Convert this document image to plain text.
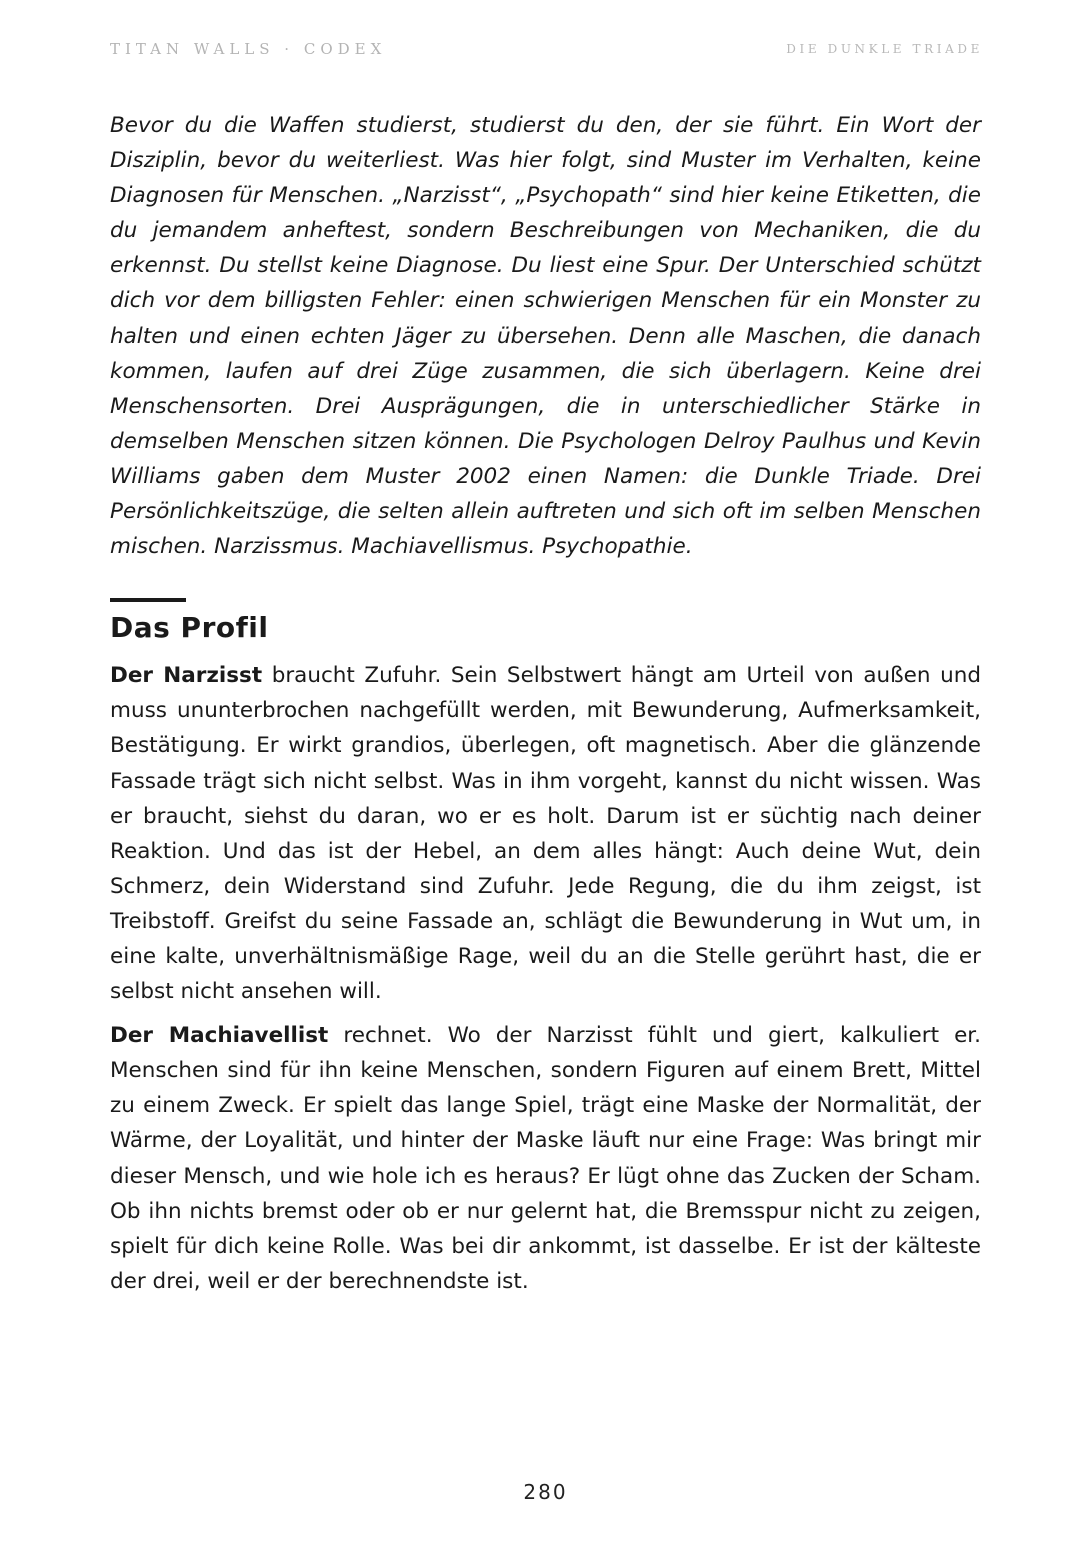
TITAN WALLS · CODEX	DIE DUNKLE TRIADE

Bevor du die Waffen studierst, studierst du den, der sie führt. Ein Wort der Disziplin, bevor du weiterliest. Was hier folgt, sind Muster im Verhalten, keine Diagnosen für Menschen. „Narzisst“, „Psychopath“ sind hier keine Etiketten, die du jemandem anheftest, sondern Beschreibungen von Mechaniken, die du erkennst. Du stellst keine Diagnose. Du liest eine Spur. Der Unterschied schützt dich vor dem billigsten Fehler: einen schwierigen Menschen für ein Monster zu halten und einen echten Jäger zu übersehen. Denn alle Maschen, die danach kommen, laufen auf drei Züge zusammen, die sich überlagern. Keine drei Menschensorten. Drei Ausprägungen, die in unterschiedlicher Stärke in demselben Menschen sitzen können. Die Psychologen Delroy Paulhus und Kevin Williams gaben dem Muster 2002 einen Namen: die Dunkle Triade. Drei Persönlichkeitszüge, die selten allein auftreten und sich oft im selben Menschen mischen. Narzissmus. Machiavellismus. Psychopathie.

Das Profil

Der Narzisst braucht Zufuhr. Sein Selbstwert hängt am Urteil von außen und muss ununterbrochen nachgefüllt werden, mit Bewunderung, Aufmerksamkeit, Bestätigung. Er wirkt grandios, überlegen, oft magnetisch. Aber die glänzende Fassade trägt sich nicht selbst. Was in ihm vorgeht, kannst du nicht wissen. Was er braucht, siehst du daran, wo er es holt. Darum ist er süchtig nach deiner Reaktion. Und das ist der Hebel, an dem alles hängt: Auch deine Wut, dein Schmerz, dein Widerstand sind Zufuhr. Jede Regung, die du ihm zeigst, ist Treibstoff. Greifst du seine Fassade an, schlägt die Bewunderung in Wut um, in eine kalte, unverhältnismäßige Rage, weil du an die Stelle gerührt hast, die er selbst nicht ansehen will.

Der Machiavellist rechnet. Wo der Narzisst fühlt und giert, kalkuliert er. Menschen sind für ihn keine Menschen, sondern Figuren auf einem Brett, Mittel zu einem Zweck. Er spielt das lange Spiel, trägt eine Maske der Normalität, der Wärme, der Loyalität, und hinter der Maske läuft nur eine Frage: Was bringt mir dieser Mensch, und wie hole ich es heraus? Er lügt ohne das Zucken der Scham. Ob ihn nichts bremst oder ob er nur gelernt hat, die Bremsspur nicht zu zeigen, spielt für dich keine Rolle. Was bei dir ankommt, ist dasselbe. Er ist der kälteste der drei, weil er der berechnendste ist.

280
